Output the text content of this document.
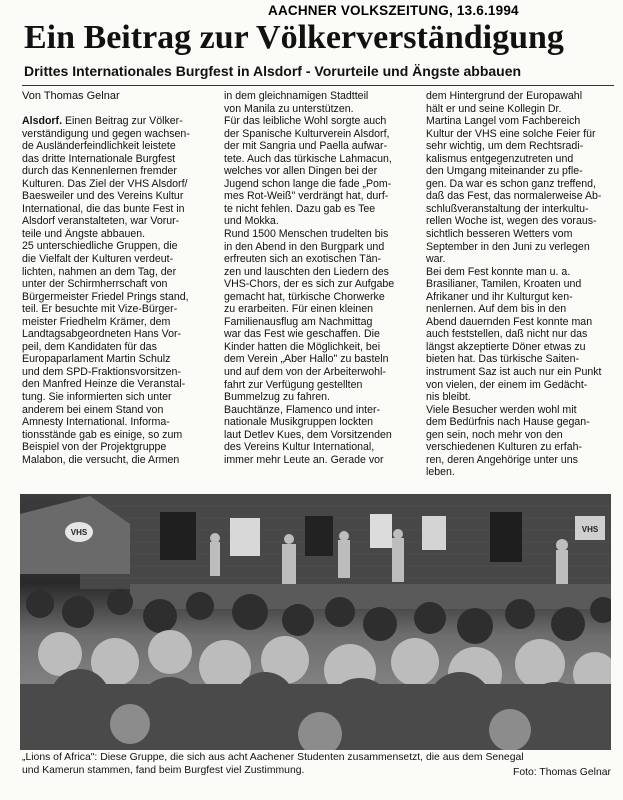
AACHNER VOLKSZEITUNG, 13.6.1994
Ein Beitrag zur Völkerverständigung
Drittes Internationales Burgfest in Alsdorf - Vorurteile und Ängste abbauen
Von Thomas Gelnar
Alsdorf. Einen Beitrag zur Völker-
verständigung und gegen wachsen-
de Ausländerfeindlichkeit leistete
das dritte Internationale Burgfest
durch das Kennenlernen fremder
Kulturen. Das Ziel der VHS Alsdorf/
Baesweiler und des Vereins Kultur
International, die das bunte Fest in
Alsdorf veranstalteten, war Vorur-
teile und Ängste abbauen.
25 unterschiedliche Gruppen, die
die Vielfalt der Kulturen verdeut-
lichten, nahmen an dem Tag, der
unter der Schirmherrschaft von
Bürgermeister Friedel Prings stand,
teil. Er besuchte mit Vize-Bürger-
meister Friedhelm Krämer, dem
Landtagsabgeordneten Hans Vor-
peil, dem Kandidaten für das
Europaparlament Martin Schulz
und dem SPD-Fraktionsvorsitzen-
den Manfred Heinze die Veranstal-
tung. Sie informierten sich unter
anderem bei einem Stand von
Amnesty International. Informa-
tionsstände gab es einige, so zum
Beispiel von der Projektgruppe
Malabon, die versucht, die Armen
in dem gleichnamigen Stadtteil
von Manila zu unterstützen.
Für das leibliche Wohl sorgte auch
der Spanische Kulturverein Alsdorf,
der mit Sangria und Paella aufwar-
tete. Auch das türkische Lahmacun,
welches vor allen Dingen bei der
Jugend schon lange die fade „Pom-
mes Rot-Weiß" verdrängt hat, durf-
te nicht fehlen. Dazu gab es Tee
und Mokka.
Rund 1500 Menschen trudelten bis
in den Abend in den Burgpark und
erfreuten sich an exotischen Tän-
zen und lauschten den Liedern des
VHS-Chors, der es sich zur Aufgabe
gemacht hat, türkische Chorwerke
zu erarbeiten. Für einen kleinen
Familienausflug am Nachmittag
war das Fest wie geschaffen. Die
Kinder hatten die Möglichkeit, bei
dem Verein „Aber Hallo" zu basteln
und auf dem von der Arbeiterwohl-
fahrt zur Verfügung gestellten
Bummelzug zu fahren.
Bauchtänze, Flamenco und inter-
nationale Musikgruppen lockten
laut Detlev Kues, dem Vorsitzenden
des Vereins Kultur International,
immer mehr Leute an. Gerade vor
dem Hintergrund der Europawahl
hält er und seine Kollegin Dr.
Martina Langel vom Fachbereich
Kultur der VHS eine solche Feier für
sehr wichtig, um dem Rechtsradi-
kalismus entgegenzutreten und
den Umgang miteinander zu pfle-
gen. Da war es schon ganz treffend,
daß das Fest, das normalerweise Ab-
schlußveranstaltung der interkultu-
rellen Woche ist, wegen des voraus-
sichtlich besseren Wetters vom
September in den Juni zu verlegen
war.
Bei dem Fest konnte man u. a.
Brasilianer, Tamilen, Kroaten und
Afrikaner und ihr Kulturgut ken-
nenlernen. Auf dem bis in den
Abend dauernden Fest konnte man
auch feststellen, daß nicht nur das
längst akzeptierte Döner etwas zu
bieten hat. Das türkische Saiten-
instrument Saz ist auch nur ein Punkt
von vielen, der einem im Gedächt-
nis bleibt.
Viele Besucher werden wohl mit
dem Bedürfnis nach Hause gegan-
gen sein, noch mehr von den
verschiedenen Kulturen zu erfah-
ren, deren Angehörige unter uns
leben.
VHS	VHS
„Lions of Africa": Diese Gruppe, die sich aus acht Aachener Studenten zusammensetzt, die aus dem Senegal
und Kamerun stammen, fand beim Burgfest viel Zustimmung.	Foto: Thomas Gelnar
